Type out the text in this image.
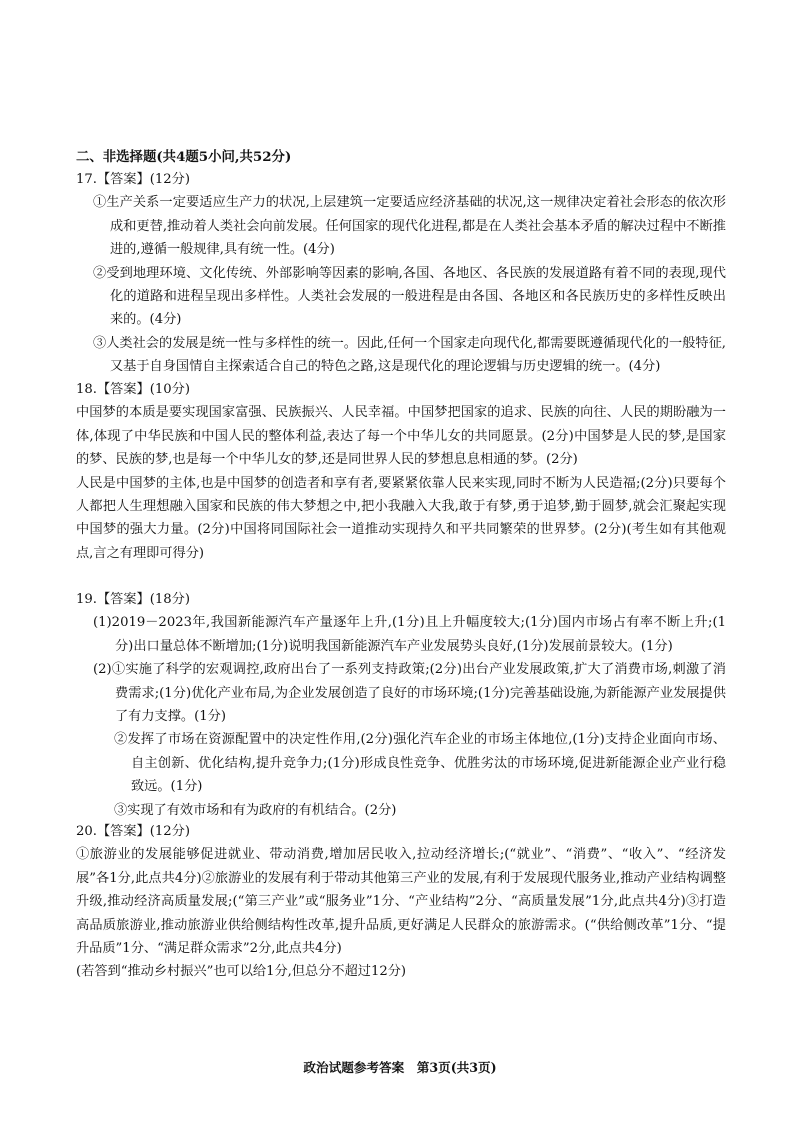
二、非选择题(共4题5小问,共52分)
17.【答案】(12分)
①生产关系一定要适应生产力的状况,上层建筑一定要适应经济基础的状况,这一规律决定着社会形态的依次形成和更替,推动着人类社会向前发展。任何国家的现代化进程,都是在人类社会基本矛盾的解决过程中不断推进的,遵循一般规律,具有统一性。(4分)
②受到地理环境、文化传统、外部影响等因素的影响,各国、各地区、各民族的发展道路有着不同的表现,现代化的道路和进程呈现出多样性。人类社会发展的一般进程是由各国、各地区和各民族历史的多样性反映出来的。(4分)
③人类社会的发展是统一性与多样性的统一。因此,任何一个国家走向现代化,都需要既遵循现代化的一般特征,又基于自身国情自主探索适合自己的特色之路,这是现代化的理论逻辑与历史逻辑的统一。(4分)
18.【答案】(10分)
中国梦的本质是要实现国家富强、民族振兴、人民幸福。中国梦把国家的追求、民族的向往、人民的期盼融为一体,体现了中华民族和中国人民的整体利益,表达了每一个中华儿女的共同愿景。(2分)中国梦是人民的梦,是国家的梦、民族的梦,也是每一个中华儿女的梦,还是同世界人民的梦想息息相通的梦。(2分)
人民是中国梦的主体,也是中国梦的创造者和享有者,要紧紧依靠人民来实现,同时不断为人民造福;(2分)只要每个人都把人生理想融入国家和民族的伟大梦想之中,把小我融入大我,敢于有梦,勇于追梦,勤于圆梦,就会汇聚起实现中国梦的强大力量。(2分)中国将同国际社会一道推动实现持久和平共同繁荣的世界梦。(2分)(考生如有其他观点,言之有理即可得分)
19.【答案】(18分)
(1)2019－2023年,我国新能源汽车产量逐年上升,(1分)且上升幅度较大;(1分)国内市场占有率不断上升;(1分)出口量总体不断增加;(1分)说明我国新能源汽车产业发展势头良好,(1分)发展前景较大。(1分)
(2)①实施了科学的宏观调控,政府出台了一系列支持政策;(2分)出台产业发展政策,扩大了消费市场,刺激了消费需求;(1分)优化产业布局,为企业发展创造了良好的市场环境;(1分)完善基础设施,为新能源产业发展提供了有力支撑。(1分)
②发挥了市场在资源配置中的决定性作用,(2分)强化汽车企业的市场主体地位,(1分)支持企业面向市场、自主创新、优化结构,提升竞争力;(1分)形成良性竞争、优胜劣汰的市场环境,促进新能源企业产业行稳致远。(1分)
③实现了有效市场和有为政府的有机结合。(2分)
20.【答案】(12分)
①旅游业的发展能够促进就业、带动消费,增加居民收入,拉动经济增长;(“就业”、“消费”、“收入”、“经济发展”各1分,此点共4分)②旅游业的发展有利于带动其他第三产业的发展,有利于发展现代服务业,推动产业结构调整升级,推动经济高质量发展;(“第三产业”或“服务业”1分、“产业结构”2分、“高质量发展”1分,此点共4分)③打造高品质旅游业,推动旅游业供给侧结构性改革,提升品质,更好满足人民群众的旅游需求。(“供给侧改革”1分、“提升品质”1分、“满足群众需求”2分,此点共4分)
(若答到“推动乡村振兴”也可以给1分,但总分不超过12分)
政治试题参考答案　第3页(共3页)
